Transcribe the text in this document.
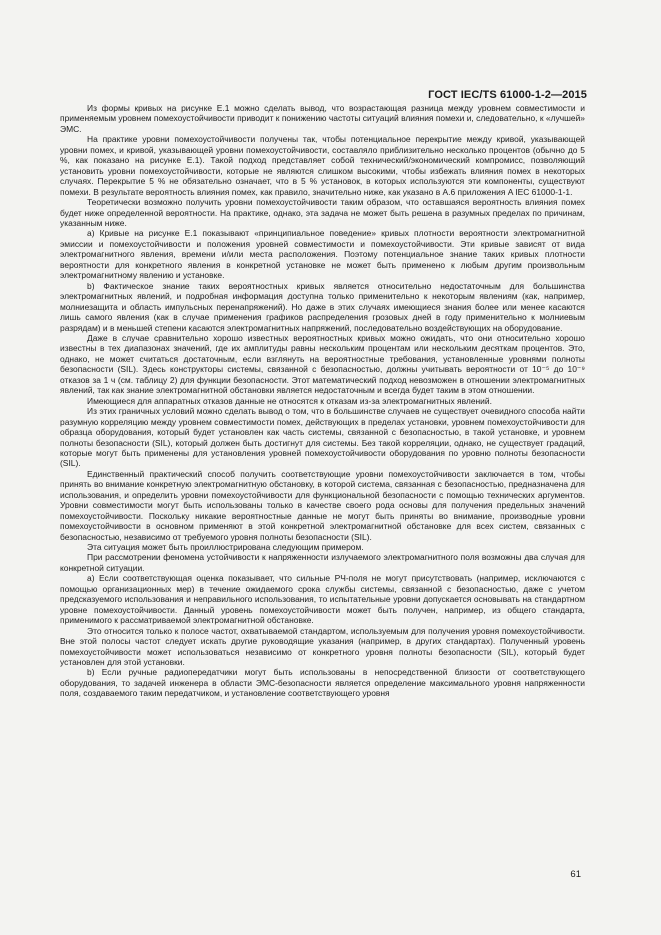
ГОСТ IEC/TS 61000-1-2—2015

Из формы кривых на рисунке E.1 можно сделать вывод, что возрастающая разница между уровнем совместимости и применяемым уровнем помехоустойчивости приводит к понижению частоты ситуаций влияния помехи и, следовательно, к «лучшей» ЭМС.

На практике уровни помехоустойчивости получены так, чтобы потенциальное перекрытие между кривой, указывающей уровни помех, и кривой, указывающей уровни помехоустойчивости, составляло приблизительно несколько процентов (обычно до 5 %, как показано на рисунке E.1). Такой подход представляет собой технический/экономический компромисс, позволяющий установить уровни помехоустойчивости, которые не являются слишком высокими, чтобы избежать влияния помех в некоторых случаях. Перекрытие 5 % не обязательно означает, что в 5 % установок, в которых используются эти компоненты, существуют помехи. В результате вероятность влияния помех, как правило, значительно ниже, как указано в A.6 приложения A IEC 61000-1-1.

Теоретически возможно получить уровни помехоустойчивости таким образом, что оставшаяся вероятность влияния помех будет ниже определенной вероятности. На практике, однако, эта задача не может быть решена в разумных пределах по причинам, указанным ниже.

a) Кривые на рисунке E.1 показывают «принципиальное поведение» кривых плотности вероятности электромагнитной эмиссии и помехоустойчивости и положения уровней совместимости и помехоустойчивости. Эти кривые зависят от вида электромагнитного явления, времени и/или места расположения. Поэтому потенциальное знание таких кривых плотности вероятности для конкретного явления в конкретной установке не может быть применено к любым другим произвольным электромагнитному явлению и установке.

b) Фактическое знание таких вероятностных кривых является относительно недостаточным для большинства электромагнитных явлений, и подробная информация доступна только применительно к некоторым явлениям (как, например, молниезащита и область импульсных перенапряжений). Но даже в этих случаях имеющиеся знания более или менее касаются лишь самого явления (как в случае применения графиков распределения грозовых дней в году применительно к молниевым разрядам) и в меньшей степени касаются электромагнитных напряжений, последовательно воздействующих на оборудование.

Даже в случае сравнительно хорошо известных вероятностных кривых можно ожидать, что они относительно хорошо известны в тех диапазонах значений, где их амплитуды равны нескольким процентам или нескольким десяткам процентов. Это, однако, не может считаться достаточным, если взглянуть на вероятностные требования, установленные уровнями полноты безопасности (SIL). Здесь конструкторы системы, связанной с безопасностью, должны учитывать вероятности от 10⁻⁵ до 10⁻⁹ отказов за 1 ч (см. таблицу 2) для функции безопасности. Этот математический подход невозможен в отношении электромагнитных явлений, так как знание электромагнитной обстановки является недостаточным и всегда будет таким в этом отношении.

Имеющиеся для аппаратных отказов данные не относятся к отказам из-за электромагнитных явлений.

Из этих граничных условий можно сделать вывод о том, что в большинстве случаев не существует очевидного способа найти разумную корреляцию между уровнем совместимости помех, действующих в пределах установки, уровнем помехоустойчивости для образца оборудования, который будет установлен как часть системы, связанной с безопасностью, в такой установке, и уровнем полноты безопасности (SIL), который должен быть достигнут для системы. Без такой корреляции, однако, не существует градаций, которые могут быть применены для установления уровней помехоустойчивости оборудования по уровню полноты безопасности (SIL).

Единственный практический способ получить соответствующие уровни помехоустойчивости заключается в том, чтобы принять во внимание конкретную электромагнитную обстановку, в которой система, связанная с безопасностью, предназначена для использования, и определить уровни помехоустойчивости для функциональной безопасности с помощью технических аргументов. Уровни совместимости могут быть использованы только в качестве своего рода основы для получения предельных значений помехоустойчивости. Поскольку никакие вероятностные данные не могут быть приняты во внимание, производные уровни помехоустойчивости в основном применяют в этой конкретной электромагнитной обстановке для всех систем, связанных с безопасностью, независимо от требуемого уровня полноты безопасности (SIL).

Эта ситуация может быть проиллюстрирована следующим примером.

При рассмотрении феномена устойчивости к напряженности излучаемого электромагнитного поля возможны два случая для конкретной ситуации.

a) Если соответствующая оценка показывает, что сильные РЧ-поля не могут присутствовать (например, исключаются с помощью организационных мер) в течение ожидаемого срока службы системы, связанной с безопасностью, даже с учетом предсказуемого использования и неправильного использования, то испытательные уровни допускается основывать на стандартном уровне помехоустойчивости. Данный уровень помехоустойчивости может быть получен, например, из общего стандарта, применимого к рассматриваемой электромагнитной обстановке.

Это относится только к полосе частот, охватываемой стандартом, используемым для получения уровня помехоустойчивости. Вне этой полосы частот следует искать другие руководящие указания (например, в других стандартах). Полученный уровень помехоустойчивости может использоваться независимо от конкретного уровня полноты безопасности (SIL), который будет установлен для этой установки.

b) Если ручные радиопередатчики могут быть использованы в непосредственной близости от соответствующего оборудования, то задачей инженера в области ЭМС-безопасности является определение максимального уровня напряженности поля, создаваемого таким передатчиком, и установление соответствующего уровня

61
